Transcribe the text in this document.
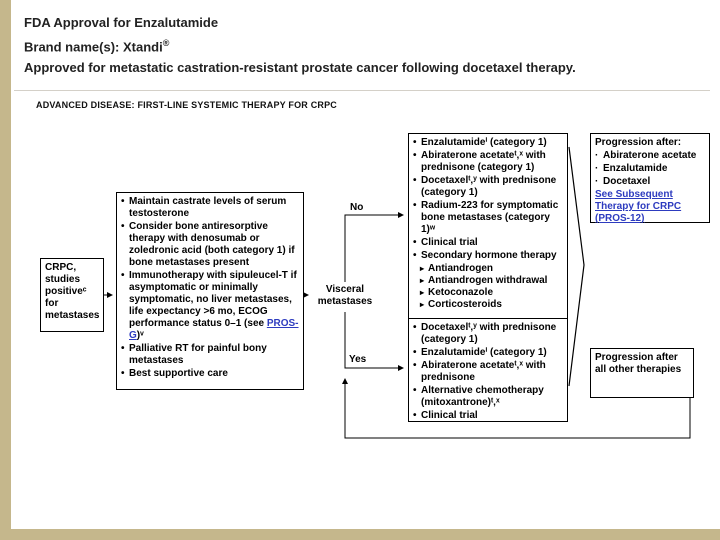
FDA Approval for Enzalutamide
Brand name(s): Xtandi®
Approved for metastatic castration-resistant prostate cancer following docetaxel therapy.
ADVANCED DISEASE: FIRST-LINE SYSTEMIC THERAPY FOR CRPC
CRPC, studies positiveᶜ for metastases
• Maintain castrate levels of serum testosterone
• Consider bone antiresorptive therapy with denosumab or zoledronic acid (both category 1) if bone metastases present
• Immunotherapy with sipuleucel-T if asymptomatic or minimally symptomatic, no liver metastases, life expectancy >6 mo, ECOG performance status 0–1 (see PROS-G)ᵛ
• Palliative RT for painful bony metastases
• Best supportive care
Visceral metastases
No
Yes
• Enzalutamideⁱ (category 1)
• Abiraterone acetateᵗ,ˣ with prednisone (category 1)
• Docetaxelᵗ,ʸ with prednisone (category 1)
• Radium-223 for symptomatic bone metastases (category 1)ʷ
• Clinical trial
• Secondary hormone therapy
▸ Antiandrogen
▸ Antiandrogen withdrawal
▸ Ketoconazole
▸ Corticosteroids
• Docetaxelᵗ,ʸ with prednisone (category 1)
• Enzalutamideⁱ (category 1)
• Abiraterone acetateᵗ,ˣ with prednisone
• Alternative chemotherapy (mitoxantrone)ᵗ,ˣ
• Clinical trial
Progression after:
· Abiraterone acetate
· Enzalutamide
· Docetaxel
See Subsequent Therapy for CRPC (PROS-12)
Progression after all other therapies
